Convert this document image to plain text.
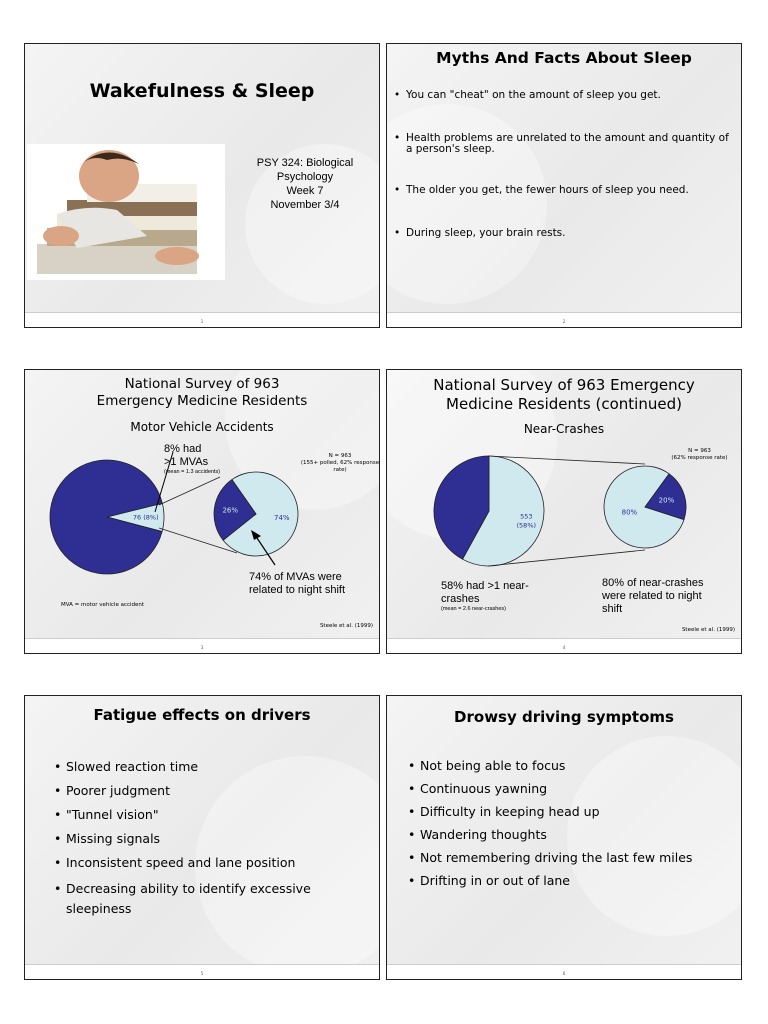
Wakefulness & Sleep
PSY 324: Biological Psychology
Week 7
November 3/4
1
Myths And Facts About Sleep
• You can "cheat" on the amount of sleep you get.
• Health problems are unrelated to the amount and quantity of a person's sleep.
• The older you get, the fewer hours of sleep you need.
• During sleep, your brain rests.
2
National Survey of 963 Emergency Medicine Residents
Motor Vehicle Accidents
76 (8%)	74%
26%
8% had
>1 MVAs
(mean = 1.3 accidents)
N = 963
(155+ polled, 62% response rate)
74% of MVAs were related to night shift
MVA = motor vehicle accident
Steele et al. (1999)
3
National Survey of 963 Emergency Medicine Residents (continued)
Near-Crashes
553 (58%)
80%
20%
N = 963
(62% response rate)
58% had >1 near-crashes
(mean = 2.6 near-crashes)
80% of near-crashes were related to night shift
Steele et al. (1999)
4
Fatigue effects on drivers
• Slowed reaction time
• Poorer judgment
• "Tunnel vision"
• Missing signals
• Inconsistent speed and lane position
• Decreasing ability to identify excessive sleepiness
5
Drowsy driving symptoms
• Not being able to focus
• Continuous yawning
• Difficulty in keeping head up
• Wandering thoughts
• Not remembering driving the last few miles
• Drifting in or out of lane
6
